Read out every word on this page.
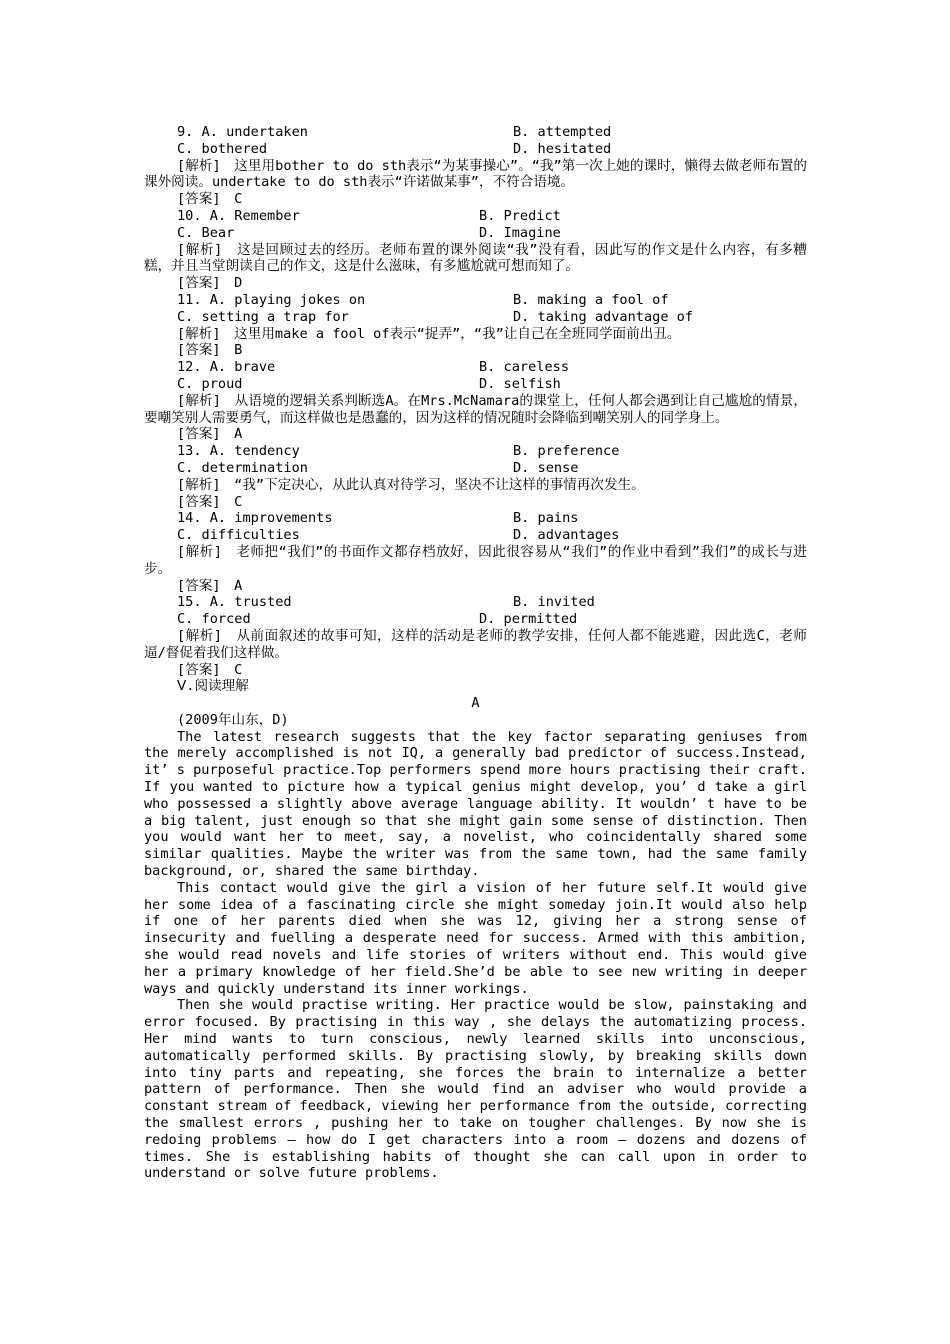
9. A. undertaken	B. attempted
C. bothered	D. hesitated
[解析]　这里用bother to do sth表示“为某事操心”。“我”第一次上她的课时，懒得去做老师布置的课外阅读。undertake to do sth表示“许诺做某事”，不符合语境。
[答案]　C
10. A. Remember	B. Predict
C. Bear	D. Imagine
[解析]　这是回顾过去的经历。老师布置的课外阅读“我”没有看，因此写的作文是什么内容，有多糟糕，并且当堂朗读自己的作文，这是什么滋味，有多尴尬就可想而知了。
[答案]　D
11. A. playing jokes on	B. making a fool of
C. setting a trap for	D. taking advantage of
[解析]　这里用make a fool of表示“捉弄”，“我”让自己在全班同学面前出丑。
[答案]　B
12. A. brave	B. careless
C. proud	D. selfish
[解析]　从语境的逻辑关系判断选A。在Mrs.McNamara的课堂上，任何人都会遇到让自己尴尬的情景，要嘲笑别人需要勇气，而这样做也是愚蠢的，因为这样的情况随时会降临到嘲笑别人的同学身上。
[答案]　A
13. A. tendency	B. preference
C. determination	D. sense
[解析]　“我”下定决心，从此认真对待学习，坚决不让这样的事情再次发生。
[答案]　C
14. A. improvements	B. pains
C. difficulties	D. advantages
[解析]　老师把“我们”的书面作文都存档放好，因此很容易从“我们”的作业中看到”我们”的成长与进步。
[答案]　A
15. A. trusted	B. invited
C. forced	D. permitted
[解析]　从前面叙述的故事可知，这样的活动是老师的教学安排，任何人都不能逃避，因此选C，老师逼/督促着我们这样做。
[答案]　C
Ⅴ.阅读理解
A
(2009年山东，D)
The latest research suggests that the key factor separating geniuses from the merely accomplished is not IQ, a generally bad predictor of success.Instead, it’ s purposeful practice.Top performers spend more hours practising their craft. If you wanted to picture how a typical genius might develop, you’ d take a girl who possessed a slightly above average language ability. It wouldn’ t have to be a big talent, just enough so that she might gain some sense of distinction. Then you would want her to meet, say, a novelist, who coincidentally shared some similar qualities. Maybe the writer was from the same town, had the same family background, or, shared the same birthday.
This contact would give the girl a vision of her future self.It would give her some idea of a fascinating circle she might someday join.It would also help if one of her parents died when she was 12, giving her a strong sense of insecurity and fuelling a desperate need for success. Armed with this ambition, she would read novels and life stories of writers without end. This would give her a primary knowledge of her field.She’d be able to see new writing in deeper ways and quickly understand its inner workings.
Then she would practise writing. Her practice would be slow, painstaking and error focused. By practising in this way , she delays the automatizing process. Her mind wants to turn conscious, newly learned skills into unconscious, automatically performed skills. By practising slowly, by breaking skills down into tiny parts and repeating, she forces the brain to internalize a better pattern of performance. Then she would find an adviser who would provide a constant stream of feedback, viewing her performance from the outside, correcting the smallest errors , pushing her to take on tougher challenges. By now she is redoing problems — how do I get characters into a room — dozens and dozens of times. She is establishing habits of thought she can call upon in order to understand or solve future problems.
